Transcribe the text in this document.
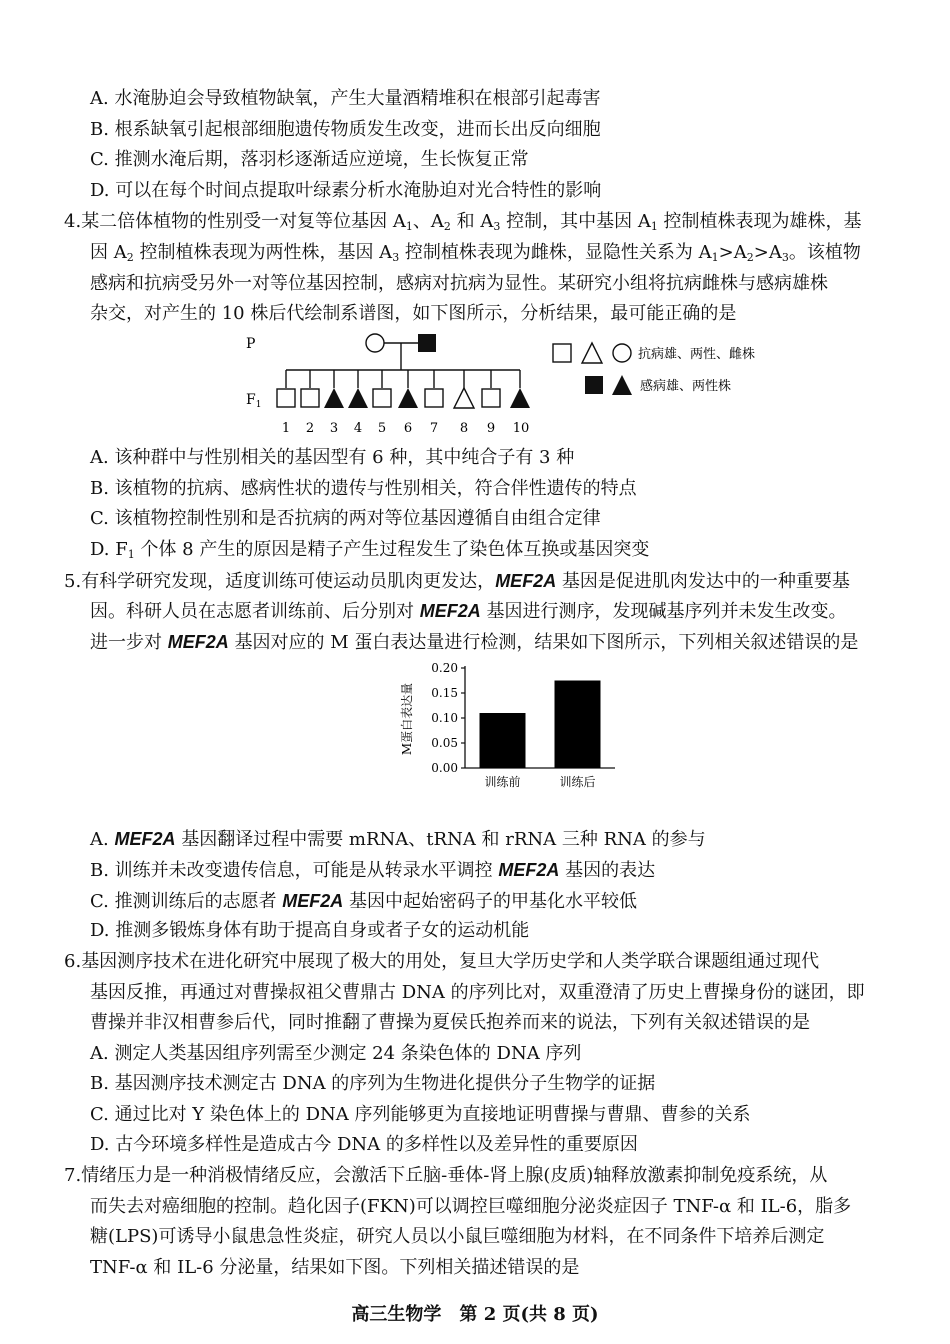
A. 水淹胁迫会导致植物缺氧，产生大量酒精堆积在根部引起毒害
B. 根系缺氧引起根部细胞遗传物质发生改变，进而长出反向细胞
C. 推测水淹后期，落羽杉逐渐适应逆境，生长恢复正常
D. 可以在每个时间点提取叶绿素分析水淹胁迫对光合特性的影响
4.某二倍体植物的性别受一对复等位基因 $A_1$、$A_2$ 和 $A_3$ 控制，其中基因 $A_1$ 控制植株表现为雄株，基
因 $A_2$ 控制植株表现为两性株，基因 $A_3$ 控制植株表现为雌株，显隐性关系为 $A_1>A_2>A_3$。该植物
感病和抗病受另外一对等位基因控制，感病对抗病为显性。某研究小组将抗病雌株与感病雄株
杂交，对产生的 10 株后代绘制系谱图，如下图所示，分析结果，最可能正确的是
P
$F_1$
1 2 3 4 5 6 7 8 9 10
抗病雄、两性、雌株
感病雄、两性株
A. 该种群中与性别相关的基因型有 6 种，其中纯合子有 3 种
B. 该植物的抗病、感病性状的遗传与性别相关，符合伴性遗传的特点
C. 该植物控制性别和是否抗病的两对等位基因遵循自由组合定律
D. $F_1$ 个体 8 产生的原因是精子产生过程发生了染色体互换或基因突变
5.有科学研究发现，适度训练可使运动员肌肉更发达，MEF2A 基因是促进肌肉发达中的一种重要基
因。科研人员在志愿者训练前、后分别对 MEF2A 基因进行测序，发现碱基序列并未发生改变。
进一步对 MEF2A 基因对应的 M 蛋白表达量进行检测，结果如下图所示，下列相关叙述错误的是
M蛋白表达量
0.00
0.05
0.10
0.15
0.20
训练前	训练后
A. MEF2A 基因翻译过程中需要 mRNA、tRNA 和 rRNA 三种 RNA 的参与
B. 训练并未改变遗传信息，可能是从转录水平调控 MEF2A 基因的表达
C. 推测训练后的志愿者 MEF2A 基因中起始密码子的甲基化水平较低
D. 推测多锻炼身体有助于提高自身或者子女的运动机能
6.基因测序技术在进化研究中展现了极大的用处，复旦大学历史学和人类学联合课题组通过现代
基因反推，再通过对曹操叔祖父曹鼎古 DNA 的序列比对，双重澄清了历史上曹操身份的谜团，即
曹操并非汉相曹参后代，同时推翻了曹操为夏侯氏抱养而来的说法，下列有关叙述错误的是
A. 测定人类基因组序列需至少测定 24 条染色体的 DNA 序列
B. 基因测序技术测定古 DNA 的序列为生物进化提供分子生物学的证据
C. 通过比对 Y 染色体上的 DNA 序列能够更为直接地证明曹操与曹鼎、曹参的关系
D. 古今环境多样性是造成古今 DNA 的多样性以及差异性的重要原因
7.情绪压力是一种消极情绪反应，会激活下丘脑-垂体-肾上腺(皮质)轴释放激素抑制免疫系统，从
而失去对癌细胞的控制。趋化因子(FKN)可以调控巨噬细胞分泌炎症因子 TNF-α 和 IL-6，脂多
糖(LPS)可诱导小鼠患急性炎症，研究人员以小鼠巨噬细胞为材料，在不同条件下培养后测定
TNF-α 和 IL-6 分泌量，结果如下图。下列相关描述错误的是
高三生物学　第 2 页(共 8 页)
